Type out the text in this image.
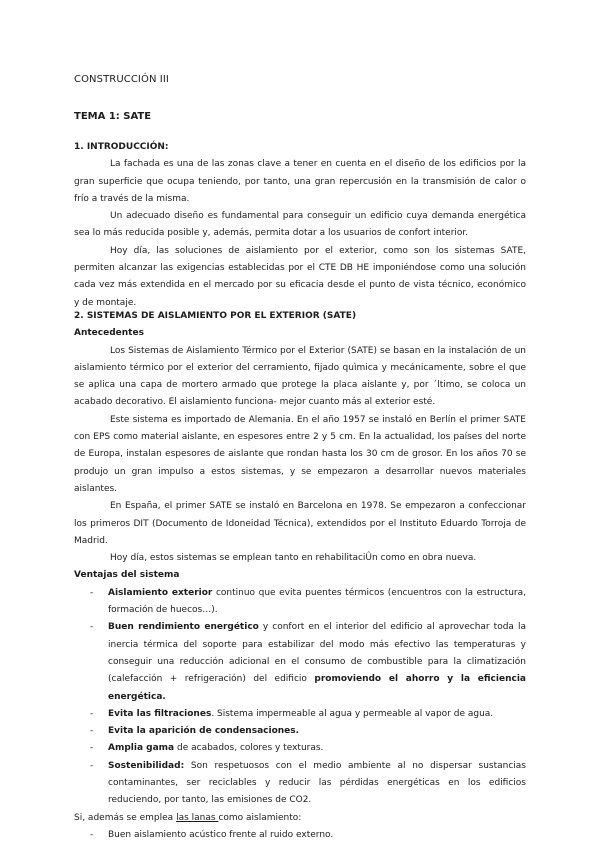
CONSTRUCCIÓN III
TEMA 1: SATE

1. INTRODUCCIÓN:

La fachada es una de las zonas clave a tener en cuenta en el diseño de los edificios por la gran superficie que ocupa teniendo, por tanto, una gran repercusión en la transmisión de calor o frío a través de la misma.

Un adecuado diseño es fundamental para conseguir un edificio cuya demanda energética sea lo más reducida posible y, además, permita dotar a los usuarios de confort interior.

Hoy día, las soluciones de aislamiento por el exterior, como son los sistemas SATE, permiten alcanzar las exigencias establecidas por el CTE DB HE imponiéndose como una solución cada vez más extendida en el mercado por su eficacia desde el punto de vista técnico, económico y de montaje.

2. SISTEMAS DE AISLAMIENTO POR EL EXTERIOR (SATE)

Antecedentes

Los Sistemas de Aislamiento Térmico por el Exterior (SATE) se basan en la instalación de un aislamiento térmico por el exterior del cerramiento, fijado quìmica y mecánicamente, sobre el que se aplica una capa de mortero armado que protege la placa aislante y, por ´ltimo, se coloca un acabado decorativo. El aislamiento funciona- mejor cuanto más al exterior esté.

Este sistema es importado de Alemania. En el año 1957 se instaló en Berlín el primer SATE con EPS como material aislante, en espesores entre 2 y 5 cm. En la actualidad, los países del norte de Europa, instalan espesores de aislante que rondan hasta los 30 cm de grosor. En los años 70 se produjo un gran impulso a estos sistemas, y se empezaron a desarrollar nuevos materiales aislantes.

En España, el primer SATE se instaló en Barcelona en 1978. Se empezaron a confeccionar los primeros DIT (Documento de Idoneidad Técnica), extendidos por el Instituto Eduardo Torroja de Madrid.

Hoy día, estos sistemas se emplean tanto en rehabilitaciÛn como en obra nueva.

Ventajas del sistema

- Aislamiento exterior continuo que evita puentes térmicos (encuentros con la estructura, formación de huecos…).
- Buen rendimiento energético y confort en el interior del edificio al aprovechar toda la inercia térmica del soporte para estabilizar del modo más efectivo las temperaturas y conseguir una reducción adicional en el consumo de combustible para la climatización (calefacción + refrigeración) del edificio promoviendo el ahorro y la eficiencia energética.
- Evita las filtraciones. Sistema impermeable al agua y permeable al vapor de agua.
- Evita la aparición de condensaciones.
- Amplia gama de acabados, colores y texturas.
- Sostenibilidad: Son respetuosos con el medio ambiente al no dispersar sustancias contaminantes, ser reciclables y reducir las pérdidas energéticas en los edificios reduciendo, por tanto, las emisiones de CO2.

Si, además se emplea las lanas como aislamiento:

- Buen aislamiento acústico frente al ruido externo.
